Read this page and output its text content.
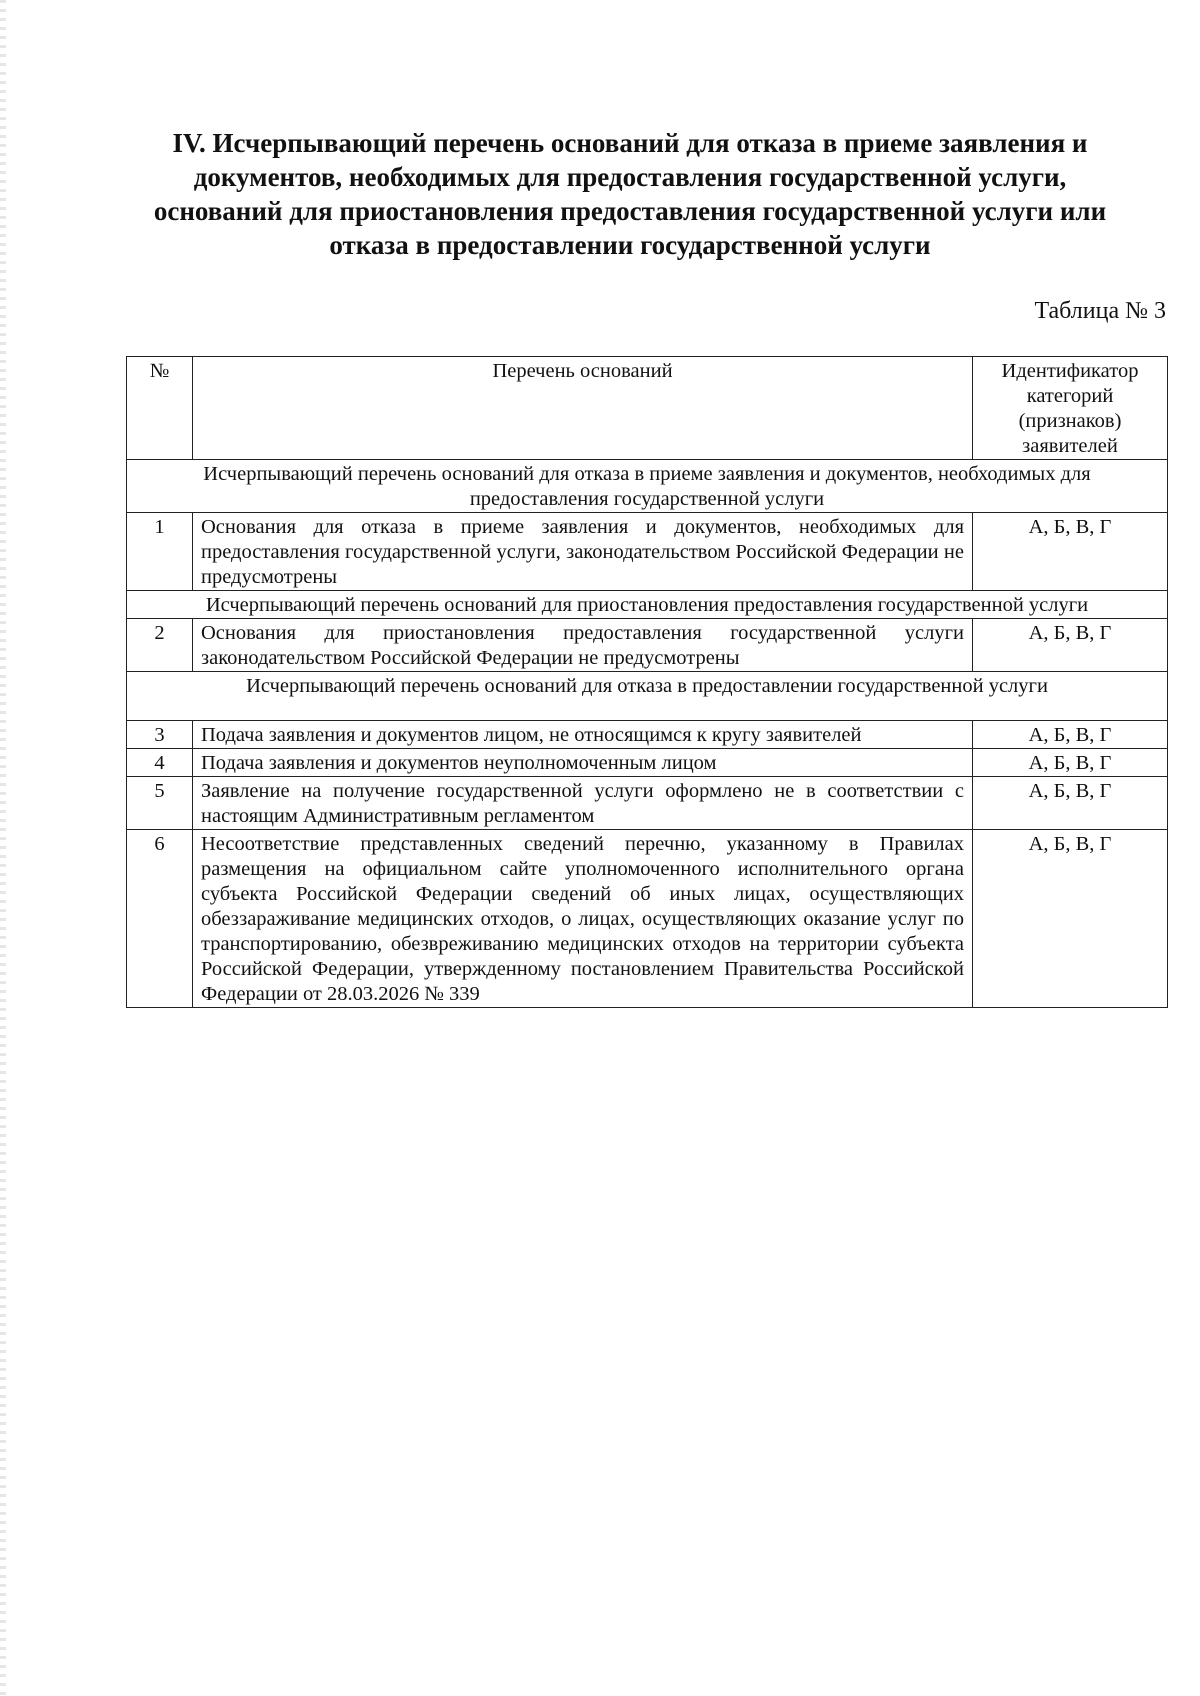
IV. Исчерпывающий перечень оснований для отказа в приеме заявления и
документов, необходимых для предоставления государственной услуги,
оснований для приостановления предоставления государственной услуги или
отказа в предоставлении государственной услуги
Таблица № 3
№	Перечень оснований	Идентификатор
категорий
(признаков)
заявителей

Исчерпывающий перечень оснований для отказа в приеме заявления и документов, необходимых для предоставления государственной услуги		
1	Основания для отказа в приеме заявления и документов, необходимых для предоставления государственной услуги, законодательством Российской Федерации не предусмотрены	А, Б, В, Г
Исчерпывающий перечень оснований для приостановления предоставления государственной услуги		
2	Основания для приостановления предоставления государственной услуги законодательством Российской Федерации не предусмотрены	А, Б, В, Г
Исчерпывающий перечень оснований для отказа в предоставлении государственной услуги		
3	Подача заявления и документов лицом, не относящимся к кругу заявителей	А, Б, В, Г
4	Подача заявления и документов неуполномоченным лицом	А, Б, В, Г
5	Заявление на получение государственной услуги оформлено не в соответствии с настоящим Административным регламентом	А, Б, В, Г
6	Несоответствие представленных сведений перечню, указанному в Правилах размещения на официальном сайте уполномоченного исполнительного органа субъекта Российской Федерации сведений об иных лицах, осуществляющих обеззараживание медицинских отходов, о лицах, осуществляющих оказание услуг по транспортированию, обезвреживанию медицинских отходов на территории субъекта Российской Федерации, утвержденному постановлением Правительства Российской Федерации от 28.03.2026 № 339	А, Б, В, Г
